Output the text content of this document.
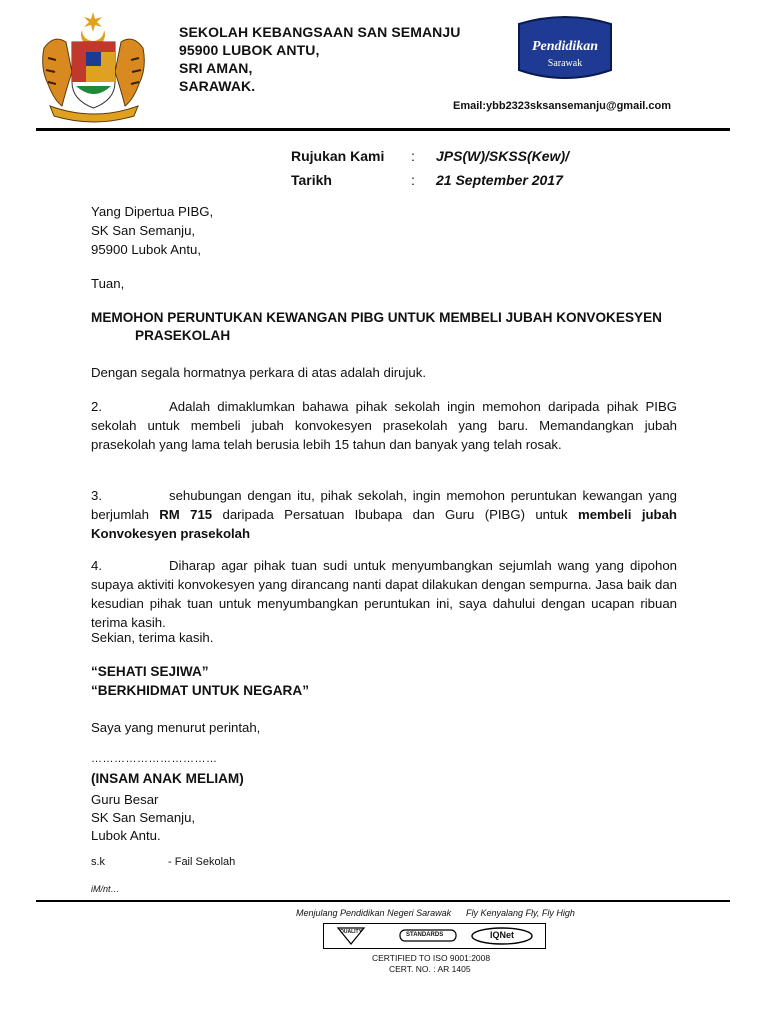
SEKOLAH KEBANGSAAN SAN SEMANJU
95900 LUBOK ANTU,
SRI AMAN,
SARAWAK.
Pendidikan
Sarawak
Email:ybb2323sksansemanju@gmail.com
Rujukan Kami : JPS(W)/SKSS(Kew)/
Tarikh	: 21 September 2017
Yang Dipertua PIBG,
SK San Semanju,
95900 Lubok Antu,
Tuan,
MEMOHON PERUNTUKAN KEWANGAN PIBG UNTUK MEMBELI JUBAH KONVOKESYEN
PRASEKOLAH
Dengan segala hormatnya perkara di atas adalah dirujuk.
2.	Adalah dimaklumkan bahawa pihak sekolah ingin memohon daripada pihak PIBG sekolah untuk membeli jubah konvokesyen prasekolah yang baru. Memandangkan jubah prasekolah yang lama telah berusia lebih 15 tahun dan banyak yang telah rosak.
3.	sehubungan dengan itu, pihak sekolah, ingin memohon peruntukan kewangan yang berjumlah RM 715 daripada Persatuan Ibubapa dan Guru (PIBG) untuk membeli jubah Konvokesyen prasekolah
4.	Diharap agar pihak tuan sudi untuk menyumbangkan sejumlah wang yang dipohon supaya aktiviti konvokesyen yang dirancang nanti dapat dilakukan dengan sempurna. Jasa baik dan kesudian pihak tuan untuk menyumbangkan peruntukan ini, saya dahului dengan ucapan ribuan terima kasih.
Sekian, terima kasih.
“SEHATI SEJIWA”
“BERKHIDMAT UNTUK NEGARA”
Saya yang menurut perintah,
……………………………
(INSAM ANAK MELIAM)
Guru Besar
SK San Semanju,
Lubok Antu.
s.k	- Fail Sekolah
iM/nt…
Menjulang Pendidikan Negeri Sarawak Fly Kenyalang Fly, Fly High
QUALITY	STANDARDS	IQNet
CERTIFIED TO ISO 9001:2008
CERT. NO. : AR 1405
